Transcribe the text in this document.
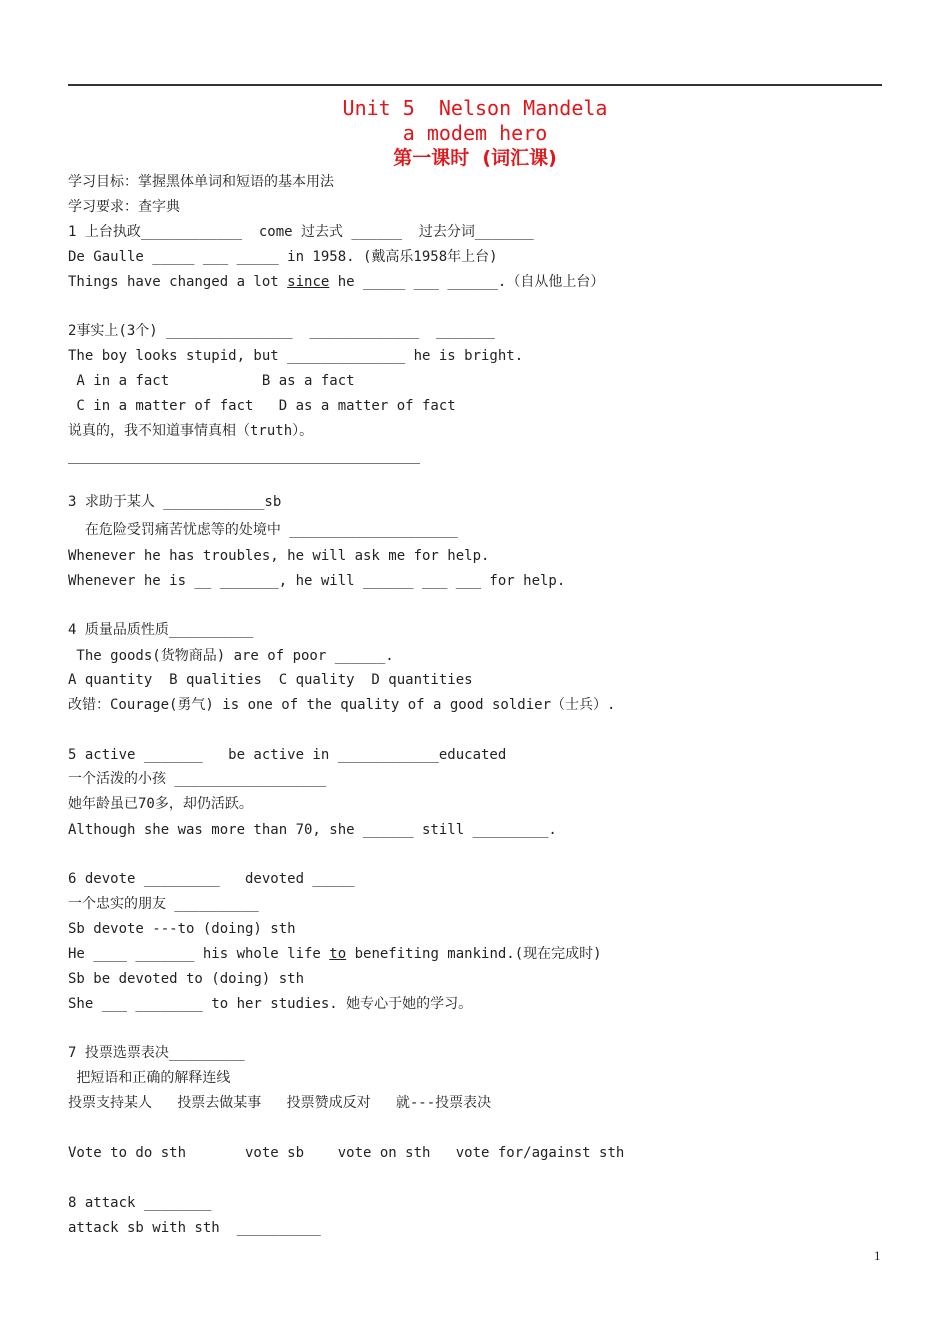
Unit 5  Nelson Mandela
a modem hero
第一课时  (词汇课)
学习目标：掌握黑体单词和短语的基本用法
学习要求：查字典
1 上台执政____________  come 过去式 ______  过去分词_______
De Gaulle _____ ___ _____ in 1958. (戴高乐1958年上台)
Things have changed a lot since he _____ ___ ______.（自从他上台）
2事实上(3个) _______________  _____________  _______
The boy looks stupid, but ______________ he is bright.
A in a fact           B as a fact
C in a matter of fact   D as a matter of fact
说真的，我不知道事情真相（truth）。
3 求助于某人 ____________sb
在危险受罚痛苦忧虑等的处境中 ____________________
Whenever he has troubles, he will ask me for help.
Whenever he is __ _______, he will ______ ___ ___ for help.
4 质量品质性质__________
The goods(货物商品) are of poor ______.
A quantity  B qualities  C quality  D quantities
改错：Courage(勇气) is one of the quality of a good soldier（士兵）.
5 active _______   be active in ____________educated
一个活泼的小孩 __________________
她年龄虽已70多，却仍活跃。
Although she was more than 70, she ______ still _________.
6 devote _________   devoted _____
一个忠实的朋友 __________
Sb devote ---to (doing) sth
He ____ _______ his whole life to benefiting mankind.(现在完成时)
Sb be devoted to (doing) sth
She ___ ________ to her studies. 她专心于她的学习。
7 投票选票表决_________
把短语和正确的解释连线
投票支持某人   投票去做某事   投票赞成反对   就---投票表决
Vote to do sth       vote sb    vote on sth   vote for/against sth
8 attack ________
attack sb with sth  __________
1
